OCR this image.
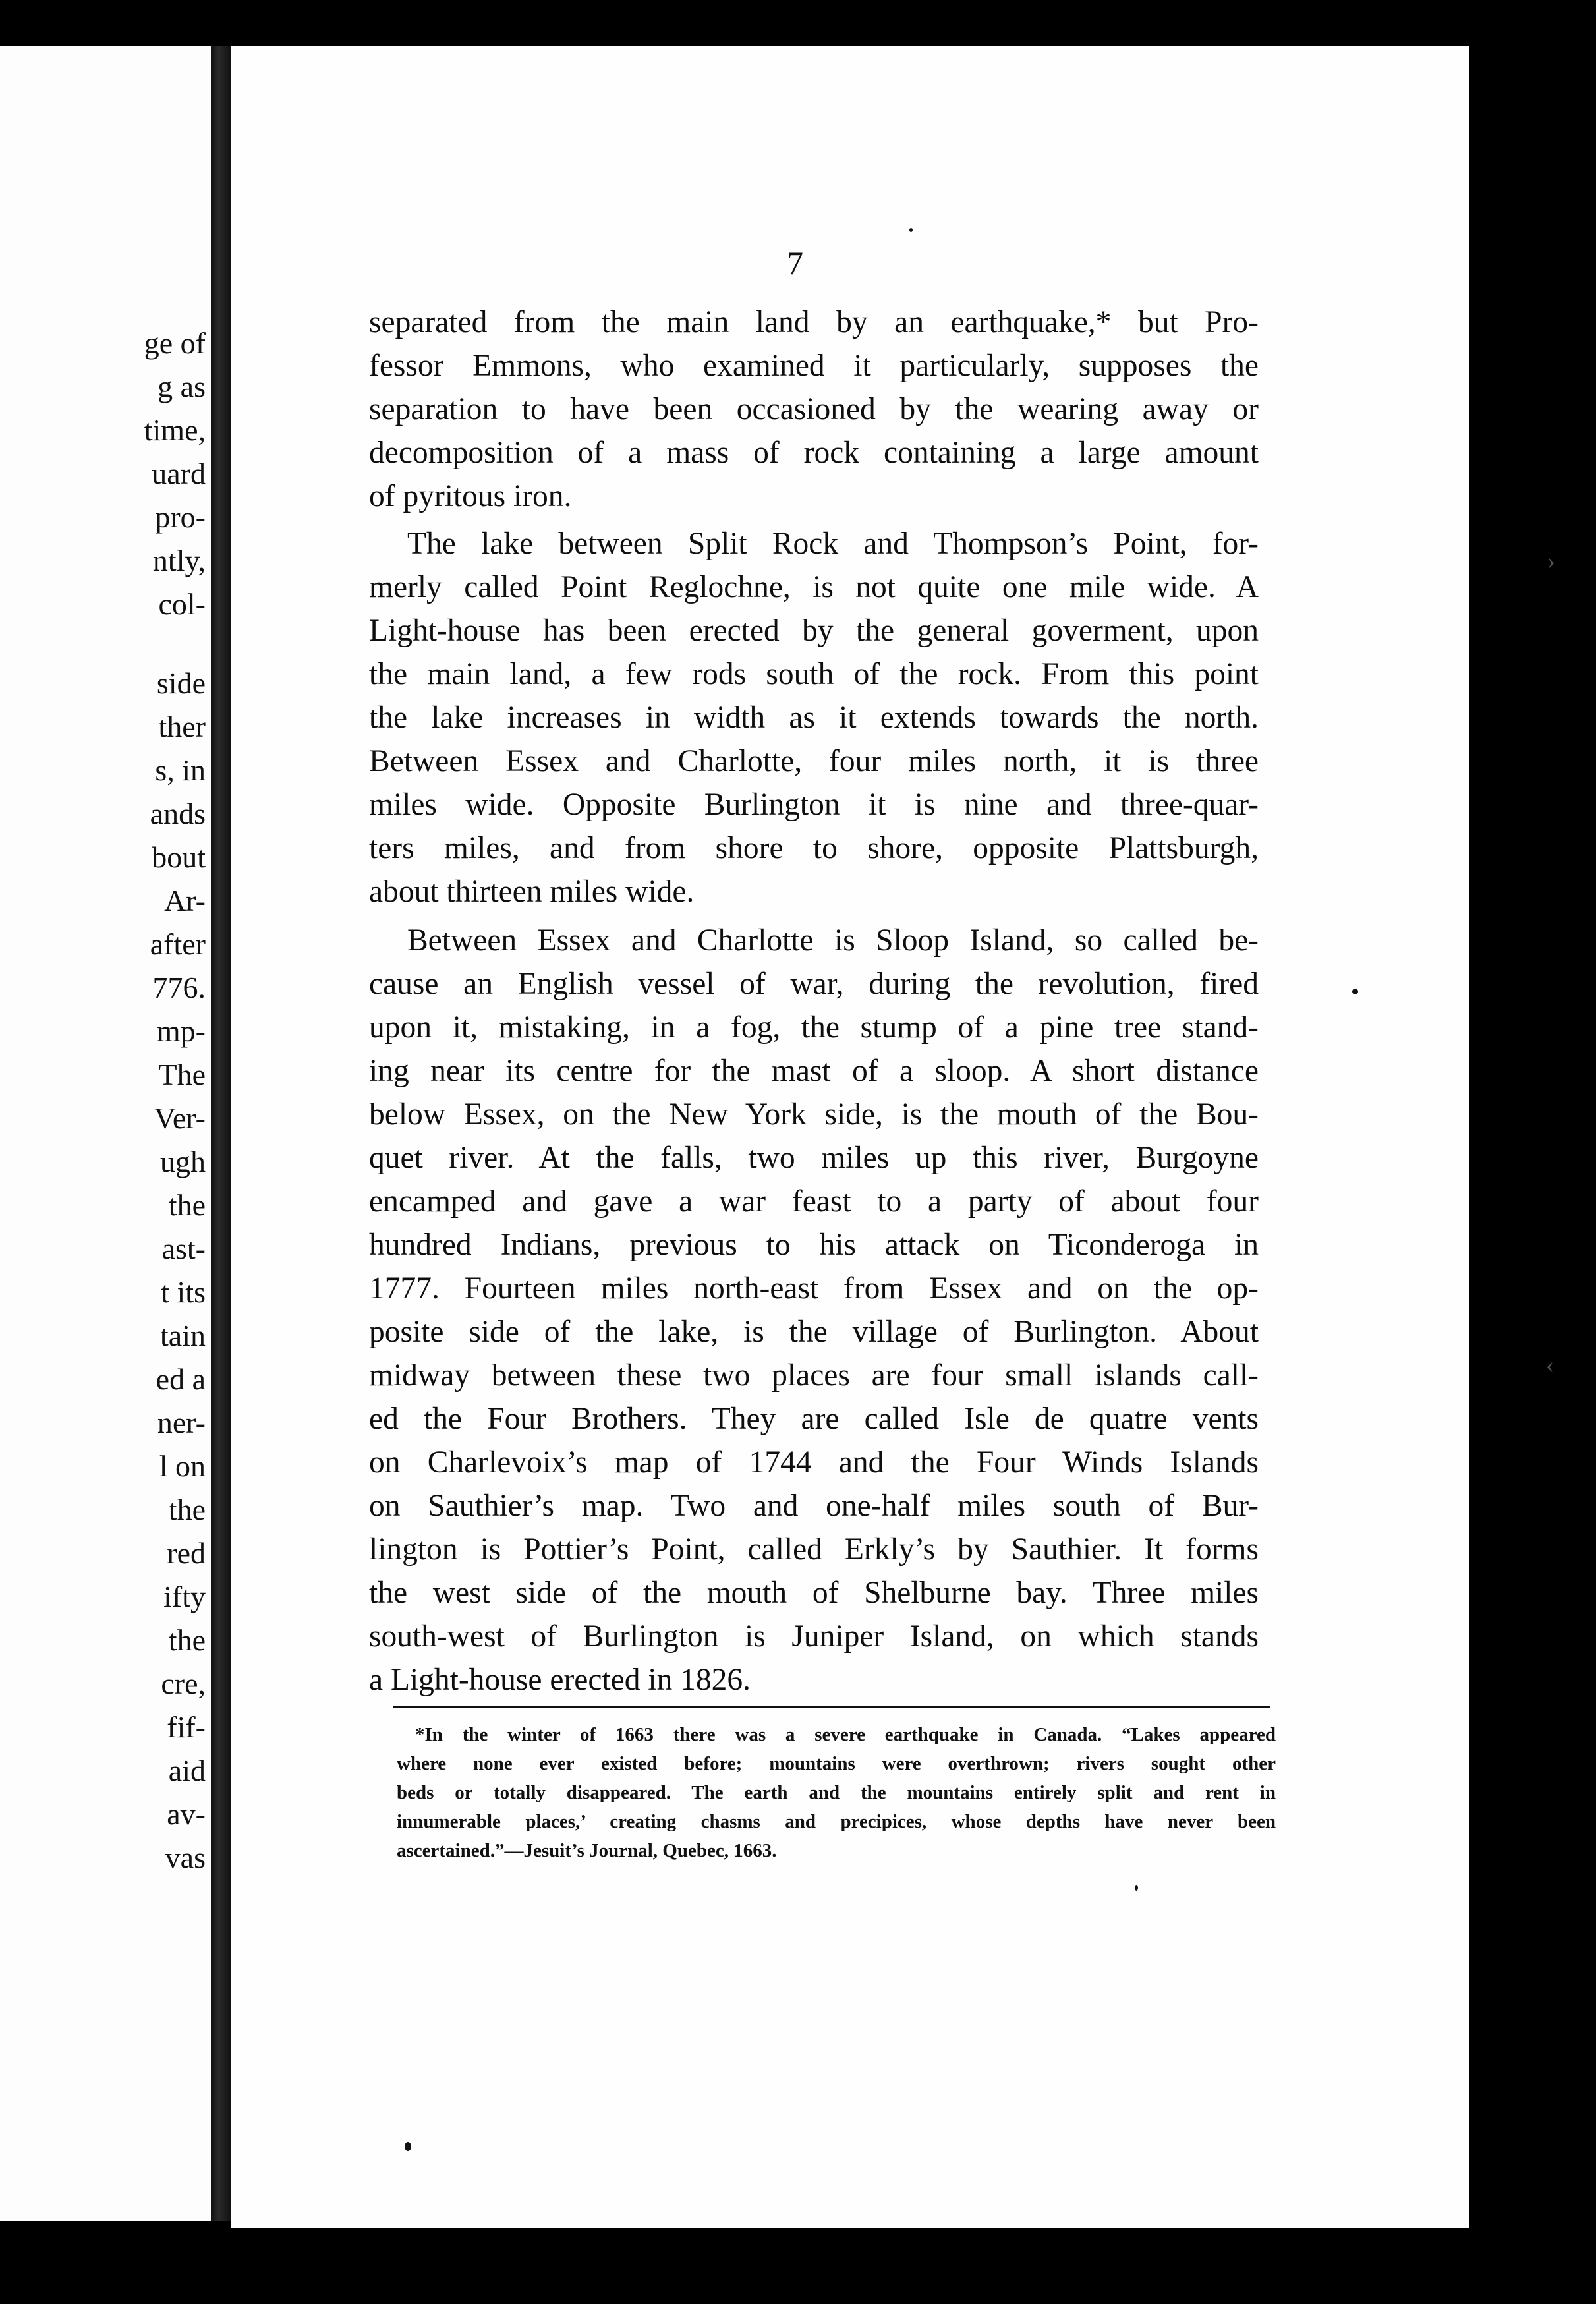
ge of
g as
time,
uard
pro-
ntly,
col-
side
ther
s, in
ands
bout
Ar-
after
776.
mp-
The
Ver-
ugh
the
ast-
t its
tain
ed a
ner-
l on
the
red
ifty
the
cre,
fif-
aid
av-
vas
7
separated from the main land by an earthquake,* but Pro-
fessor Emmons, who examined it particularly, supposes the
separation to have been occasioned by the wearing away or
decomposition of a mass of rock containing a large amount
of pyritous iron.
The lake between Split Rock and Thompson’s Point, for-
merly called Point Reglochne, is not quite one mile wide. A
Light-house has been erected by the general goverment, upon
the main land, a few rods south of the rock. From this point
the lake increases in width as it extends towards the north.
Between Essex and Charlotte, four miles north, it is three
miles wide. Opposite Burlington it is nine and three-quar-
ters miles, and from shore to shore, opposite Plattsburgh,
about thirteen miles wide.
Between Essex and Charlotte is Sloop Island, so called be-
cause an English vessel of war, during the revolution, fired
upon it, mistaking, in a fog, the stump of a pine tree stand-
ing near its centre for the mast of a sloop. A short distance
below Essex, on the New York side, is the mouth of the Bou-
quet river. At the falls, two miles up this river, Burgoyne
encamped and gave a war feast to a party of about four
hundred Indians, previous to his attack on Ticonderoga in
1777. Fourteen miles north-east from Essex and on the op-
posite side of the lake, is the village of Burlington. About
midway between these two places are four small islands call-
ed the Four Brothers. They are called Isle de quatre vents
on Charlevoix’s map of 1744 and the Four Winds Islands
on Sauthier’s map. Two and one-half miles south of Bur-
lington is Pottier’s Point, called Erkly’s by Sauthier. It forms
the west side of the mouth of Shelburne bay. Three miles
south-west of Burlington is Juniper Island, on which stands
a Light-house erected in 1826.
*In the winter of 1663 there was a severe earthquake in Canada. “Lakes appeared
where none ever existed before; mountains were overthrown; rivers sought other
beds or totally disappeared. The earth and the mountains entirely split and rent in
innumerable places,’ creating chasms and precipices, whose depths have never been
ascertained.”—Jesuit’s Journal, Quebec, 1663.
›
‹
